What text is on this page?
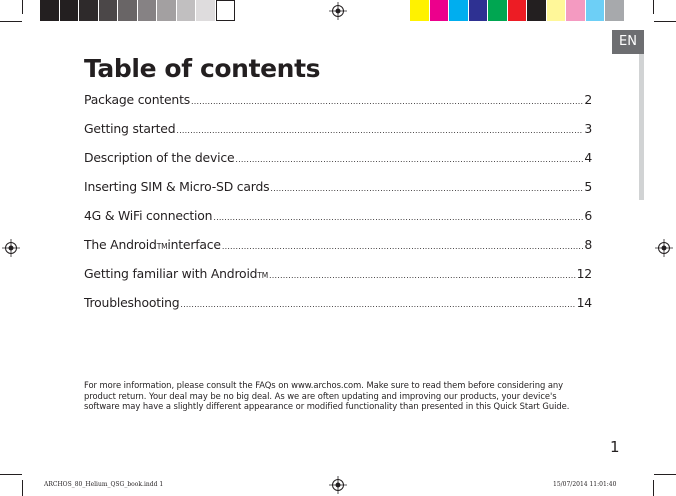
EN
Table of contents
Package contents .....	2
Getting started .....	3
Description of the device .....	4
Inserting SIM & Micro-SD cards .....	5
4G & WiFi connection .....	6
The Android TM interface .....	8
Getting familiar with Android TM .....	12
Troubleshooting .....	14

For more information, please consult the FAQs on www.archos.com. Make sure to read them before considering any product return. Your deal may be no big deal. As we are often updating and improving our products, your device's software may have a slightly different appearance or modified functionality than presented in this Quick Start Guide.

1
ARCHOS_80_Helium_QSG_book.indd 1	15/07/2014 11:01:40
